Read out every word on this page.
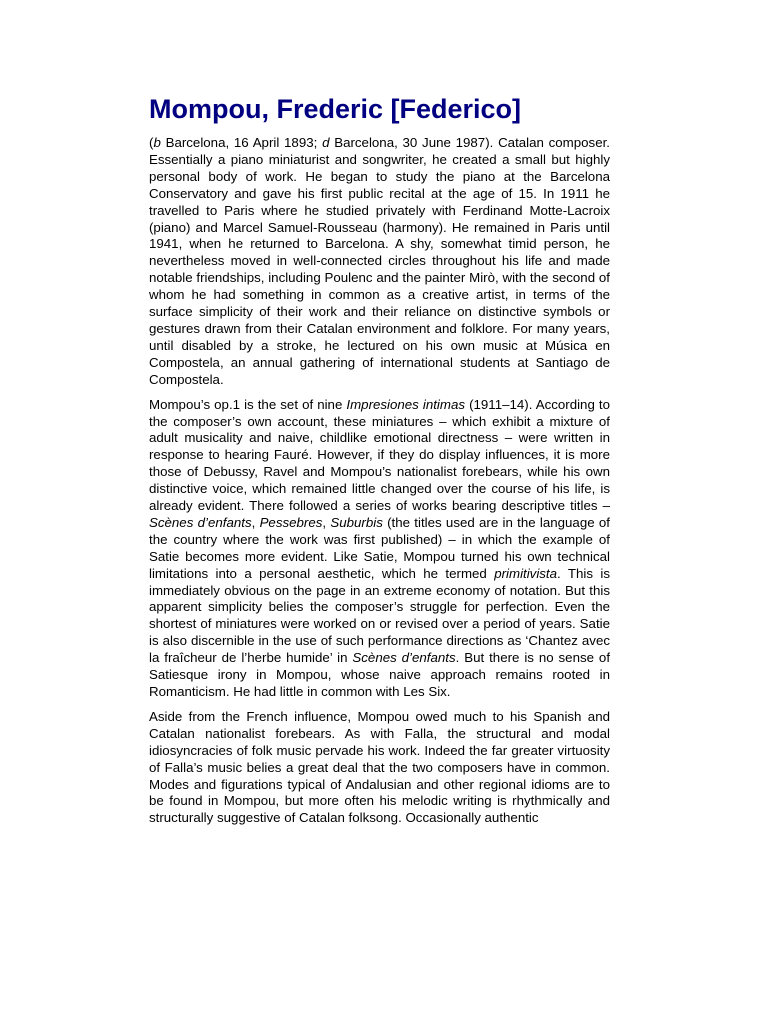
Mompou, Frederic [Federico]

(b Barcelona, 16 April 1893; d Barcelona, 30 June 1987). Catalan composer. Essentially a piano miniaturist and songwriter, he created a small but highly personal body of work. He began to study the piano at the Barcelona Conservatory and gave his first public recital at the age of 15. In 1911 he travelled to Paris where he studied privately with Ferdinand Motte-Lacroix (piano) and Marcel Samuel-Rousseau (harmony). He remained in Paris until 1941, when he returned to Barcelona. A shy, somewhat timid person, he nevertheless moved in well-connected circles throughout his life and made notable friendships, including Poulenc and the painter Mirò, with the second of whom he had something in common as a creative artist, in terms of the surface simplicity of their work and their reliance on distinctive symbols or gestures drawn from their Catalan environment and folklore. For many years, until disabled by a stroke, he lectured on his own music at Música en Compostela, an annual gathering of international students at Santiago de Compostela.

Mompou’s op.1 is the set of nine Impresiones intimas (1911–14). According to the composer’s own account, these miniatures – which exhibit a mixture of adult musicality and naive, childlike emotional directness – were written in response to hearing Fauré. However, if they do display influences, it is more those of Debussy, Ravel and Mompou’s nationalist forebears, while his own distinctive voice, which remained little changed over the course of his life, is already evident. There followed a series of works bearing descriptive titles – Scènes d’enfants, Pessebres, Suburbis (the titles used are in the language of the country where the work was first published) – in which the example of Satie becomes more evident. Like Satie, Mompou turned his own technical limitations into a personal aesthetic, which he termed primitivista. This is immediately obvious on the page in an extreme economy of notation. But this apparent simplicity belies the composer’s struggle for perfection. Even the shortest of miniatures were worked on or revised over a period of years. Satie is also discernible in the use of such performance directions as ‘Chantez avec la fraîcheur de l’herbe humide’ in Scènes d’enfants. But there is no sense of Satiesque irony in Mompou, whose naive approach remains rooted in Romanticism. He had little in common with Les Six.

Aside from the French influence, Mompou owed much to his Spanish and Catalan nationalist forebears. As with Falla, the structural and modal idiosyncracies of folk music pervade his work. Indeed the far greater virtuosity of Falla’s music belies a great deal that the two composers have in common. Modes and figurations typical of Andalusian and other regional idioms are to be found in Mompou, but more often his melodic writing is rhythmically and structurally suggestive of Catalan folksong. Occasionally authentic
